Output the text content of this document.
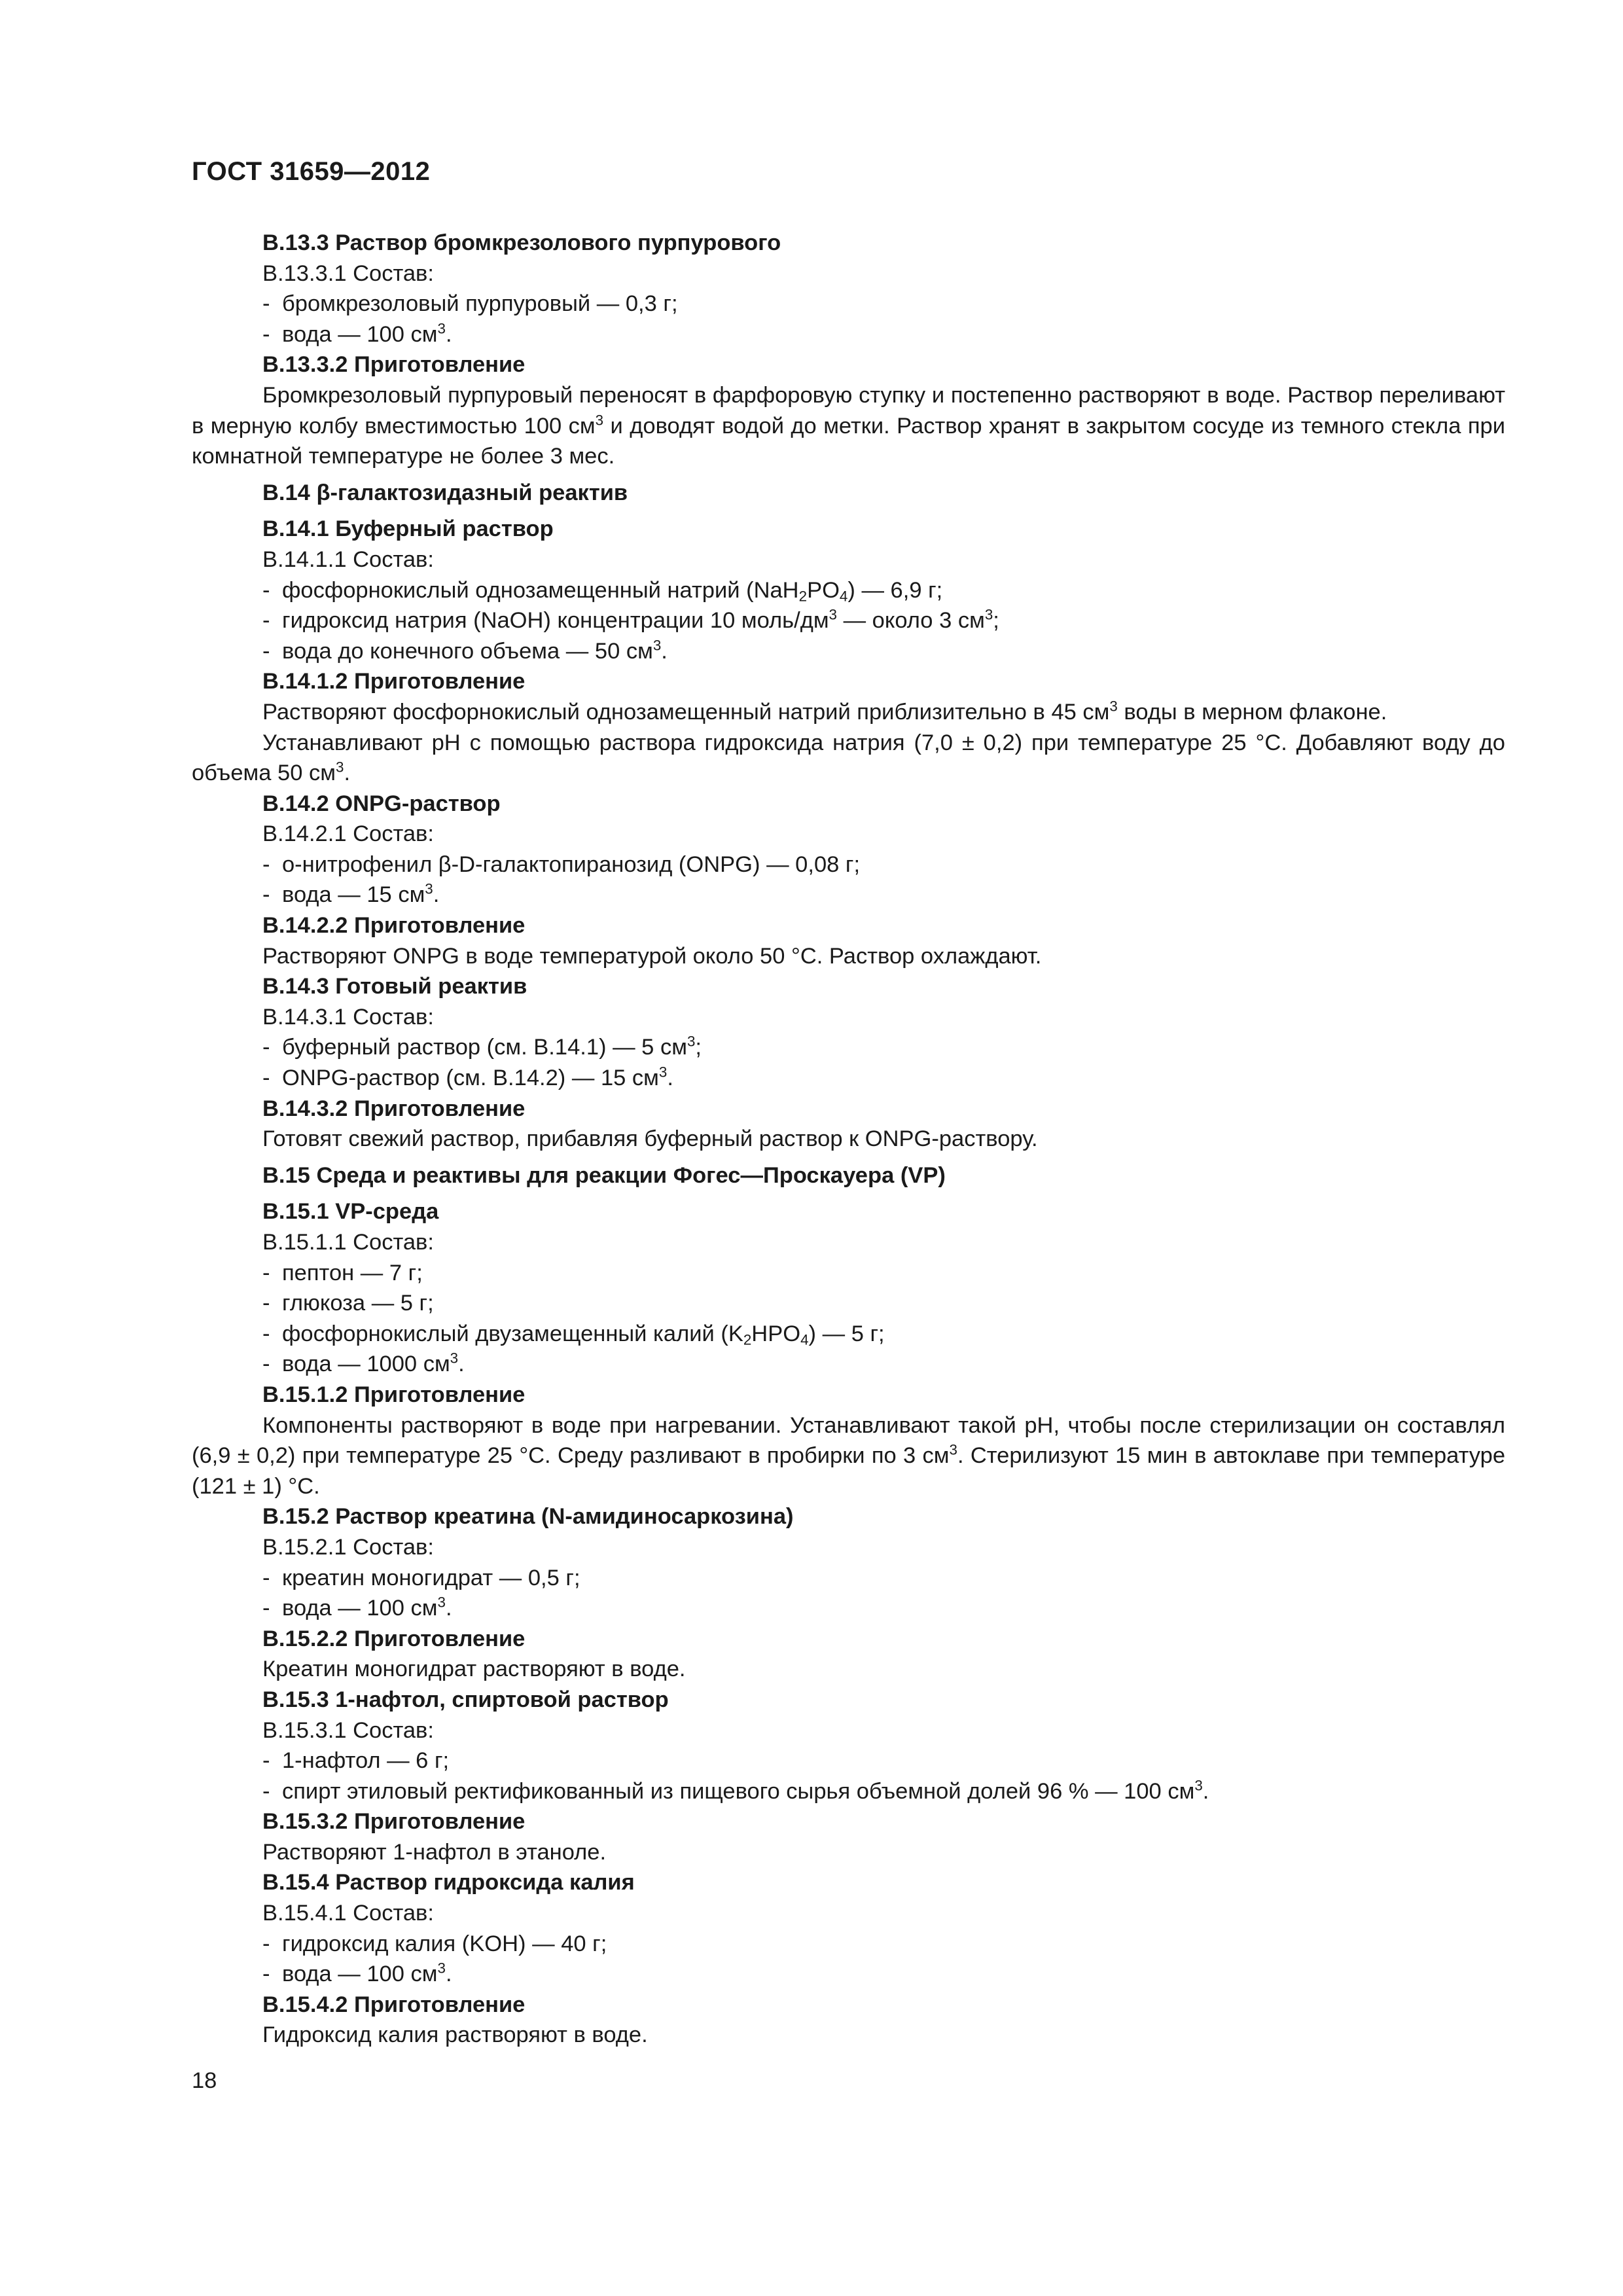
ГОСТ 31659—2012
В.13.3 Раствор бромкрезолового пурпурового
В.13.3.1 Состав:
- бромкрезоловый пурпуровый — 0,3 г;
- вода — 100 $см^3$.
В.13.3.2 Приготовление
Бромкрезоловый пурпуровый переносят в фарфоровую ступку и постепенно растворяют в воде. Раствор переливают в мерную колбу вместимостью 100 $см^3$ и доводят водой до метки. Раствор хранят в закрытом сосуде из темного стекла при комнатной температуре не более 3 мес.
В.14 β-галактозидазный реактив
В.14.1 Буферный раствор
В.14.1.1 Состав:
- фосфорнокислый однозамещенный натрий $(NaH_2PO_4)$ — 6,9 г;
- гидроксид натрия (NaOH) концентрации 10 моль/$дм^3$ — около 3 $см^3$;
- вода до конечного объема — 50 $см^3$.
В.14.1.2 Приготовление
Растворяют фосфорнокислый однозамещенный натрий приблизительно в 45 $см^3$ воды в мерном флаконе.
Устанавливают pH с помощью раствора гидроксида натрия (7,0 ± 0,2) при температуре 25 °С. Добавляют воду до объема 50 $см^3$.
В.14.2 ONPG-раствор
В.14.2.1 Состав:
- о-нитрофенил β-D-галактопиранозид (ONPG) — 0,08 г;
- вода — 15 $см^3$.
В.14.2.2 Приготовление
Растворяют ONPG в воде температурой около 50 °С. Раствор охлаждают.
В.14.3 Готовый реактив
В.14.3.1 Состав:
- буферный раствор (см. В.14.1) — 5 $см^3$;
- ONPG-раствор (см. В.14.2) — 15 $см^3$.
В.14.3.2 Приготовление
Готовят свежий раствор, прибавляя буферный раствор к ONPG-раствору.
В.15 Среда и реактивы для реакции Фогес—Проскауера (VP)
В.15.1 VP-среда
В.15.1.1 Состав:
- пептон — 7 г;
- глюкоза — 5 г;
- фосфорнокислый двузамещенный калий $(K_2HPO_4)$ — 5 г;
- вода — 1000 $см^3$.
В.15.1.2 Приготовление
Компоненты растворяют в воде при нагревании. Устанавливают такой pH, чтобы после стерилизации он составлял (6,9 ± 0,2) при температуре 25 °С. Среду разливают в пробирки по 3 $см^3$. Стерилизуют 15 мин в автоклаве при температуре (121 ± 1) °С.
В.15.2 Раствор креатина (N-амидиносаркозина)
В.15.2.1 Состав:
- креатин моногидрат — 0,5 г;
- вода — 100 $см^3$.
В.15.2.2 Приготовление
Креатин моногидрат растворяют в воде.
В.15.3 1-нафтол, спиртовой раствор
В.15.3.1 Состав:
- 1-нафтол — 6 г;
- спирт этиловый ректификованный из пищевого сырья объемной долей 96 % — 100 $см^3$.
В.15.3.2 Приготовление
Растворяют 1-нафтол в этаноле.
В.15.4 Раствор гидроксида калия
В.15.4.1 Состав:
- гидроксид калия (KOH) — 40 г;
- вода — 100 $см^3$.
В.15.4.2 Приготовление
Гидроксид калия растворяют в воде.
18
